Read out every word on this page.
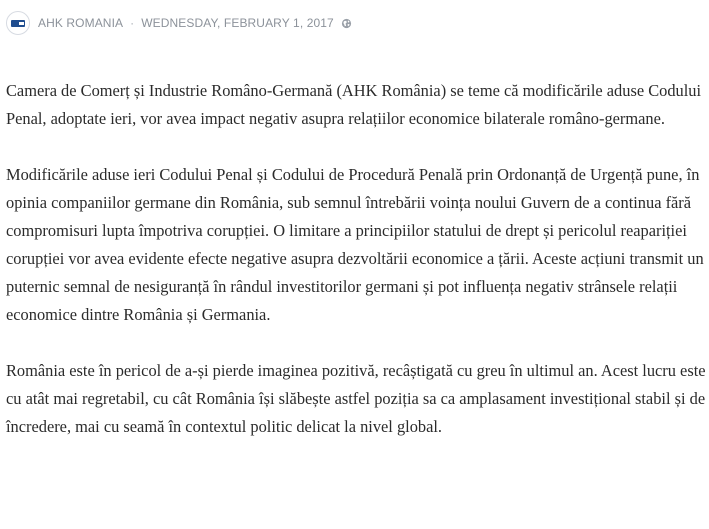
AHK ROMANIA · WEDNESDAY, FEBRUARY 1, 2017

Camera de Comerț și Industrie Româno-Germană (AHK România) se teme că modificările aduse Codului Penal, adoptate ieri, vor avea impact negativ asupra relațiilor economice bilaterale româno-germane.

Modificările aduse ieri Codului Penal și Codului de Procedură Penală prin Ordonanță de Urgență pune, în opinia companiilor germane din România, sub semnul întrebării voința noului Guvern de a continua fără compromisuri lupta împotriva corupției. O limitare a principiilor statului de drept și pericolul reapariției corupției vor avea evidente efecte negative asupra dezvoltării economice a țării. Aceste acțiuni transmit un puternic semnal de nesiguranță în rândul investitorilor germani și pot influența negativ strânsele relații economice dintre România și Germania.

România este în pericol de a-și pierde imaginea pozitivă, recâștigată cu greu în ultimul an. Acest lucru este cu atât mai regretabil, cu cât România își slăbește astfel poziția sa ca amplasament investițional stabil și de încredere, mai cu seamă în contextul politic delicat la nivel global.
